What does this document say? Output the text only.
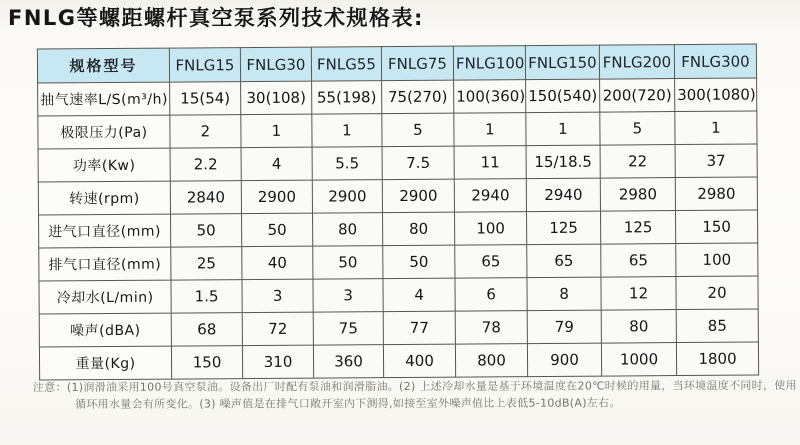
FNLG等螺距螺杆真空泵系列技术规格表:
规格型号	FNLG15	FNLG30	FNLG55	FNLG75	FNLG100	FNLG150	FNLG200	FNLG300
抽气速率L/S(m³/h)	15(54)	30(108)	55(198)	75(270)	100(360)	150(540)	200(720)	300(1080)
极限压力(Pa)	2	1	1	5	1	1	5	1
功率(Kw)	2.2	4	5.5	7.5	11	15/18.5	22	37
转速(rpm)	2840	2900	2900	2900	2940	2940	2980	2980
进气口直径(mm)	50	50	80	80	100	125	125	150
排气口直径(mm)	25	40	50	50	65	65	65	100
冷却水(L/min)	1.5	3	3	4	6	8	12	20
噪声(dBA)	68	72	75	77	78	79	80	85
重量(Kg)	150	310	360	400	800	900	1000	1800
注意：(1)润滑油采用100号真空泵油。设备出厂时配有泵油和润滑脂油。(2) 上述冷却水量是基于环境温度在20℃时候的用量，当环境温度不同时，使用
循环用水量会有所变化。(3) 噪声值是在排气口敞开室内下测得,如接至室外噪声值比上表低5-10dB(A)左右。
